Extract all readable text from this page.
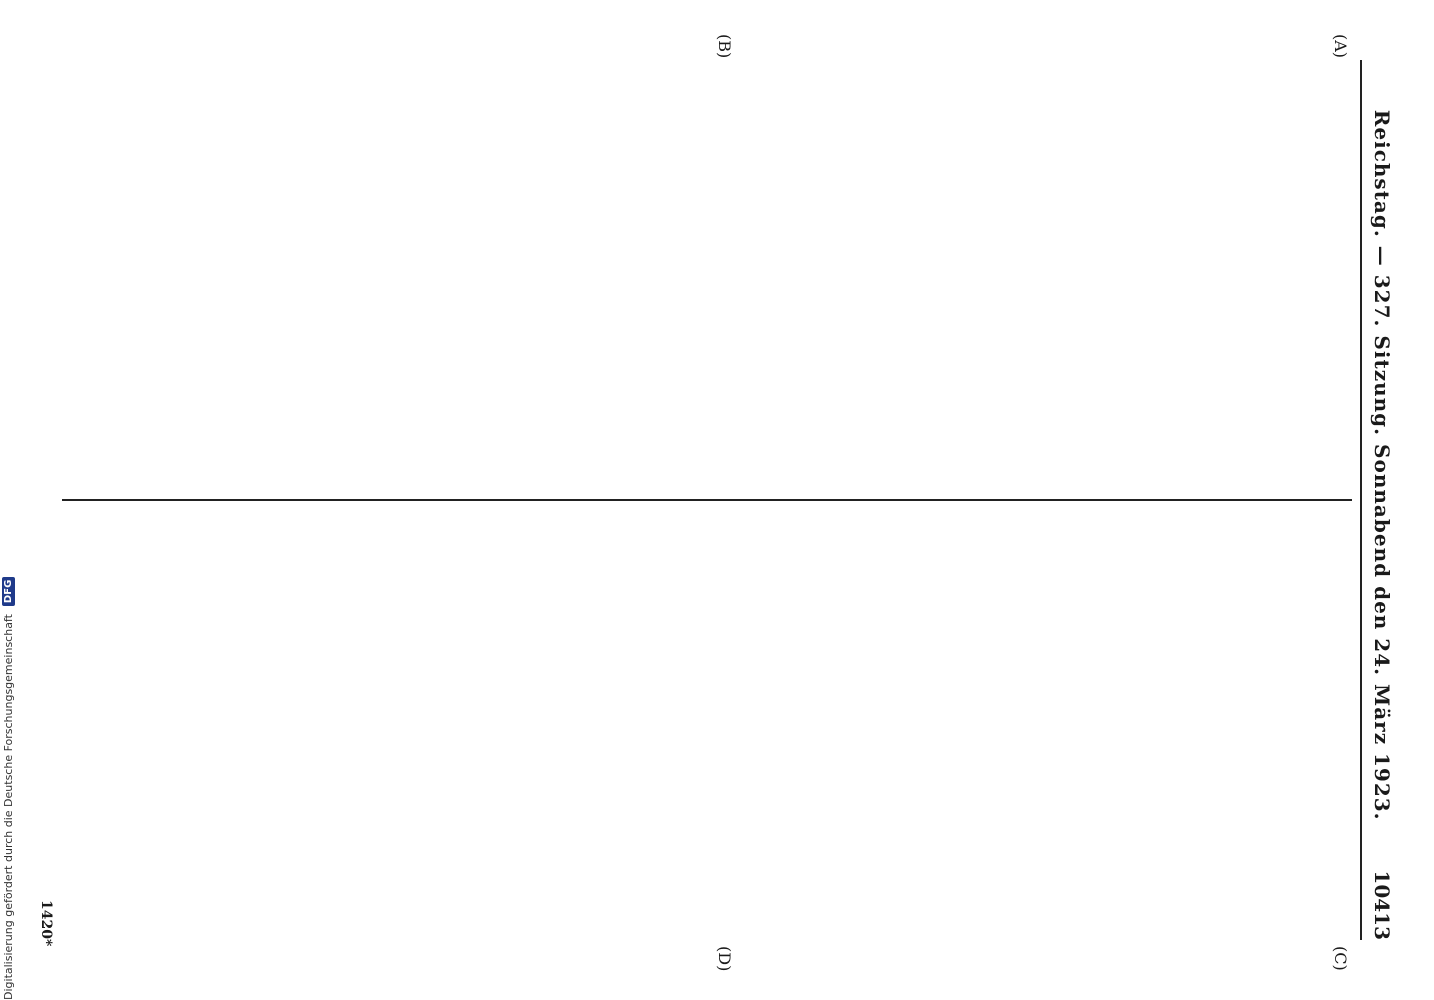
Reichstag. — 327. Sitzung. Sonnabend den 24. März 1923.
10413
(A)
(B)
(C)
(D)
1420*
Digitalisierung gefördert durch die Deutsche Forschungsgemeinschaft
DFG
